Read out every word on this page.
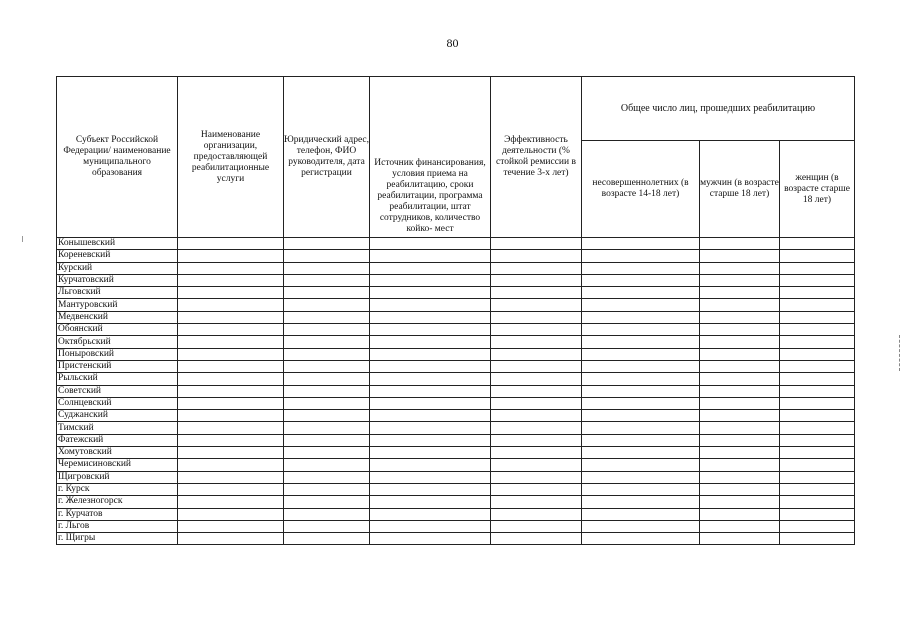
80
Субъект Российской Федерации/ наименование муниципального образования	Наименование организации, предоставляющей реабилитационные услуги	Юридический адрес, телефон, ФИО руководителя, дата регистрации	Источник финансирования, условия приема на реабилитацию, сроки реабилитации, программа реабилитации, штат сотрудников, количество койко- мест	Эффективность деятельности (% стойкой ремиссии в течение 3-х лет)	Общее число лиц, прошедших реабилитацию		
					несовершеннолетних (в возрасте 14-18 лет)	мужчин (в возрасте старше 18 лет)	женщин (в возрасте старше 18 лет)
Конышевский							
Кореневский							
Курский							
Курчатовский							
Льговский							
Мантуровский							
Медвенский							
Обоянский							
Октябрьский							
Поныровский							
Пристенский							
Рыльский							
Советский							
Солнцевский							
Суджанский							
Тимский							
Фатежский							
Хомутовский							
Черемисиновский							
Щигровский							
г. Курск							
г. Железногорск							
г. Курчатов							
г. Льгов							
г. Щигры							
